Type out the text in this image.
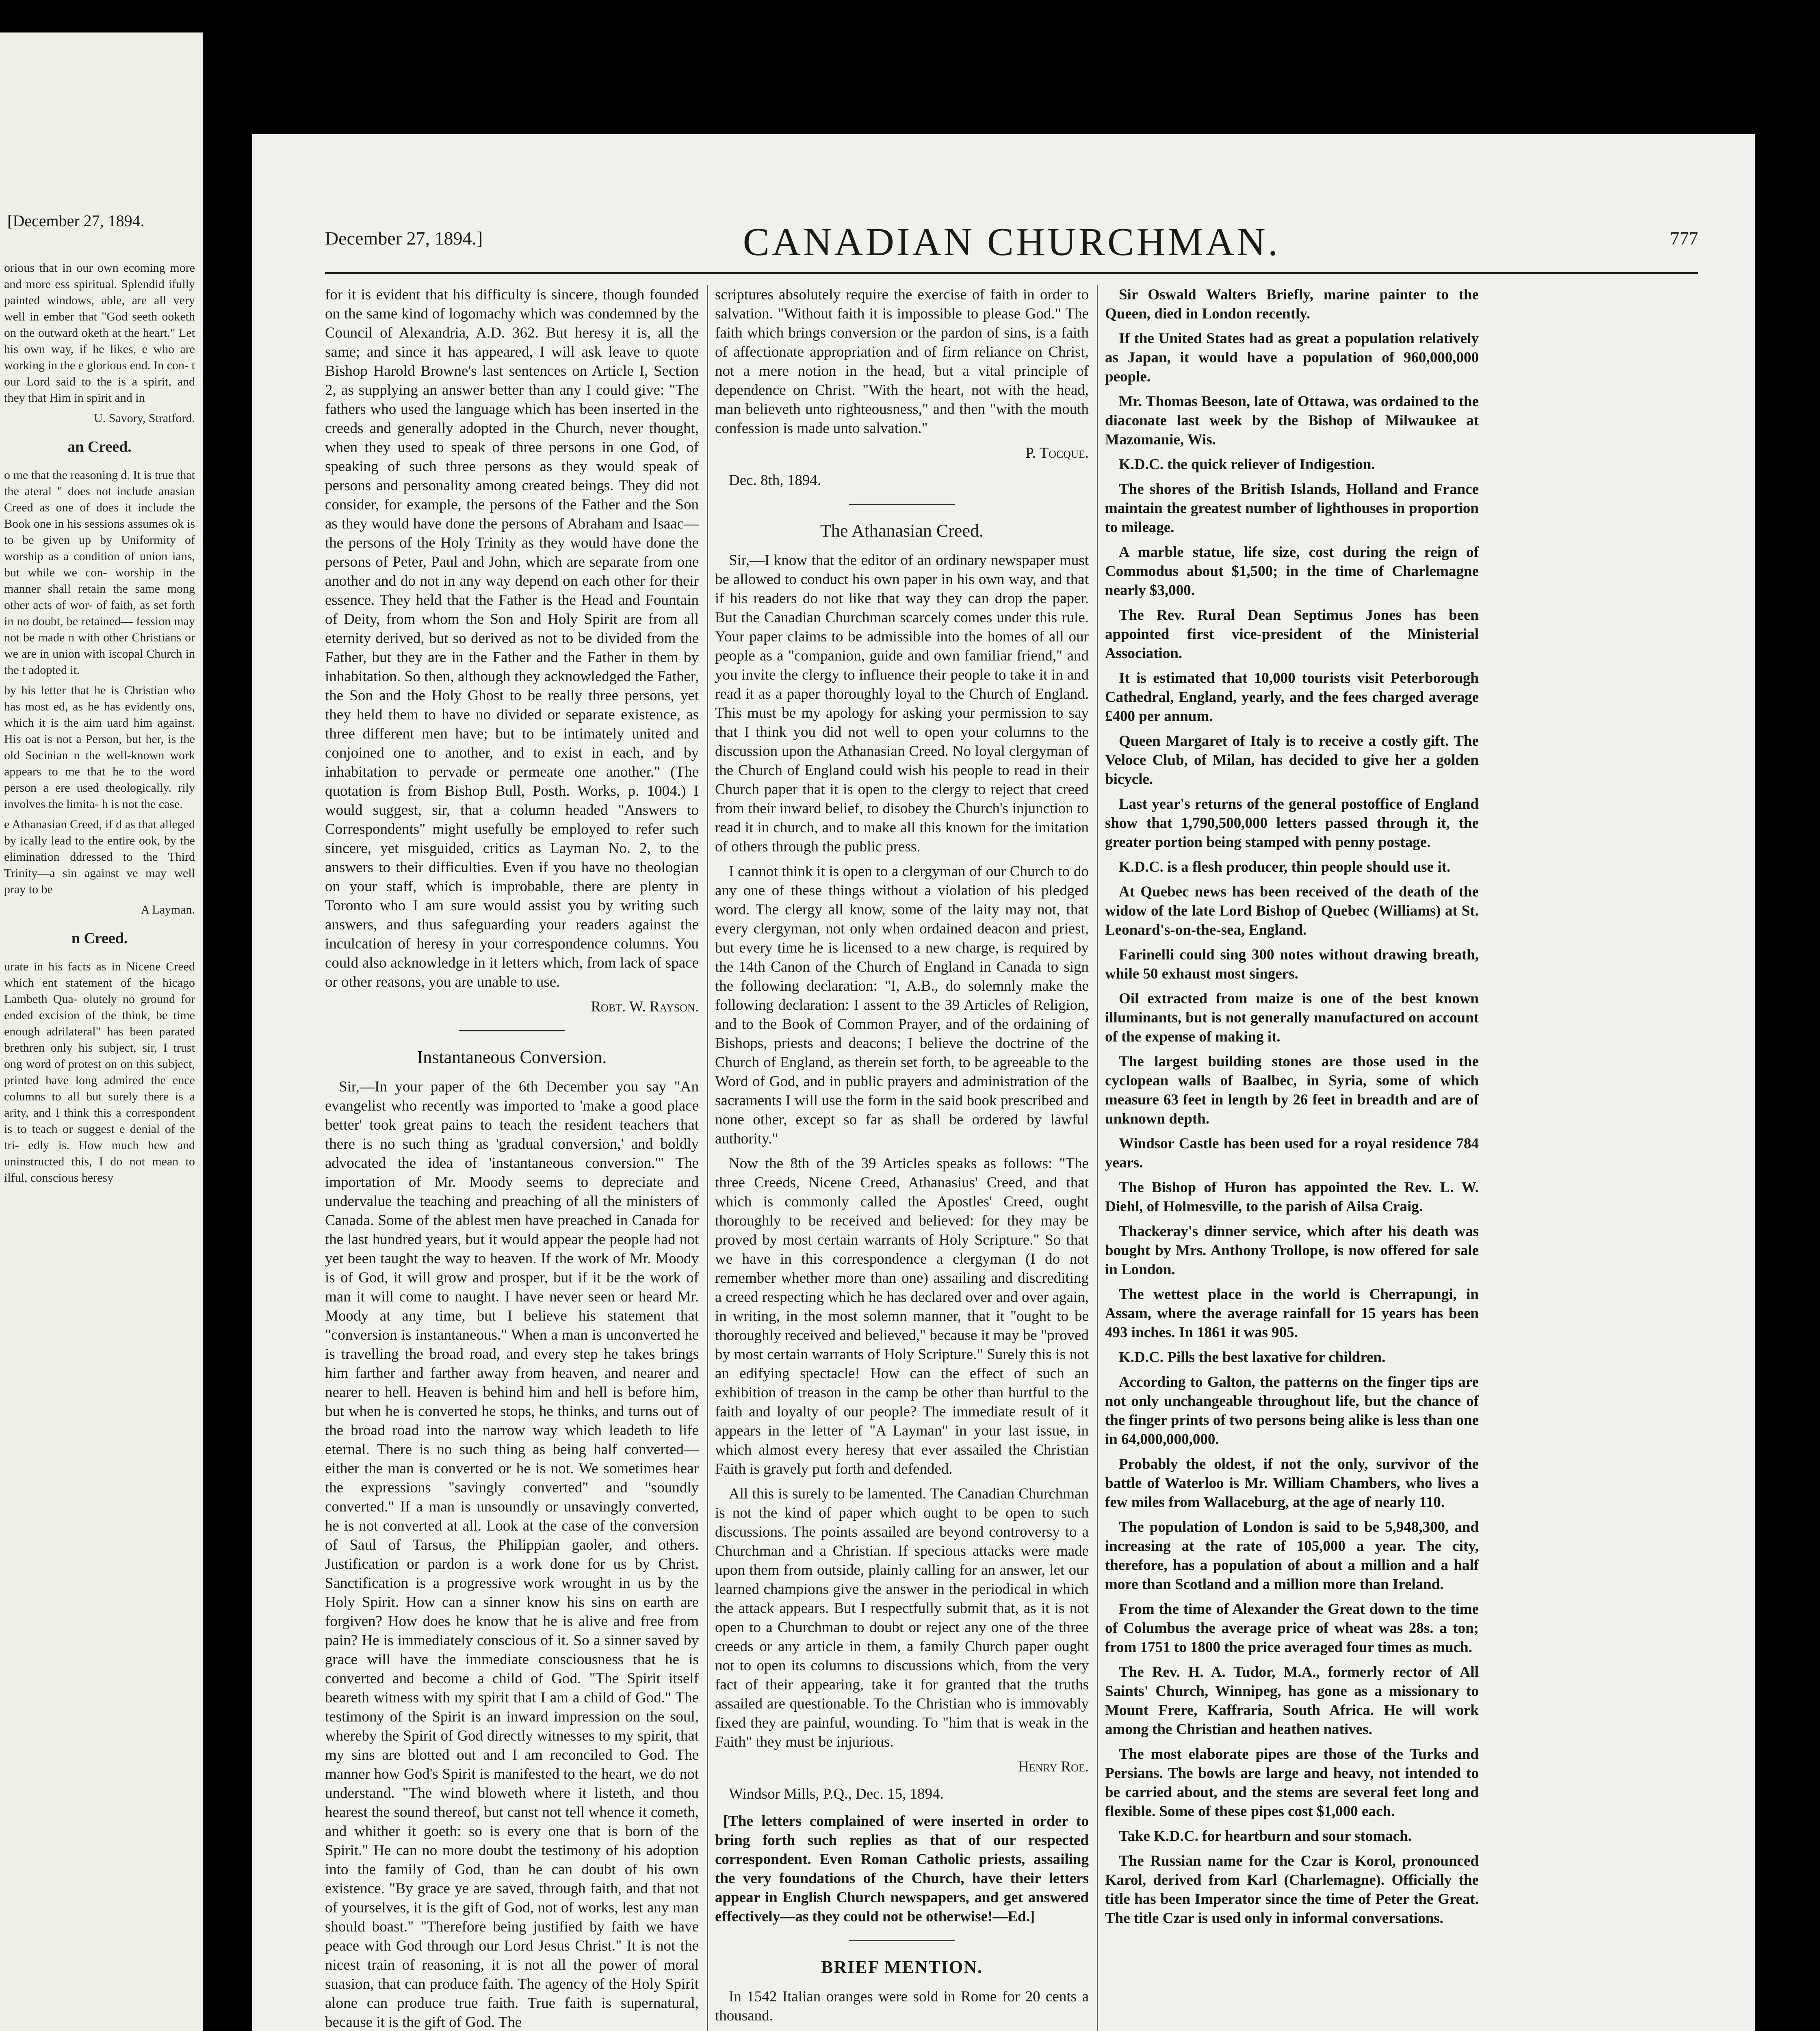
[December 27, 1894.

orious that in our own ecoming more and more ess spiritual. Splendid ifully painted windows, able, are all very well in ember that "God seeth ooketh on the outward oketh at the heart." Let his own way, if he likes, e who are working in the e glorious end. In con- t our Lord said to the is a spirit, and they that Him in spirit and in

U. Savory, Stratford.

an Creed.

o me that the reasoning d. It is true that the ateral " does not include anasian Creed as one of does it include the Book one in his sessions assumes ok is to be given up by Uniformity of worship as a condition of union ians, but while we con- worship in the manner shall retain the same mong other acts of wor- of faith, as set forth in no doubt, be retained— fession may not be made n with other Christians or we are in union with iscopal Church in the t adopted it.

by his letter that he is Christian who has most ed, as he has evidently ons, which it is the aim uard him against. His oat is not a Person, but her, is the old Socinian n the well-known work appears to me that he to the word person a ere used theologically. rily involves the limita- h is not the case.

e Athanasian Creed, if d as that alleged by ically lead to the entire ook, by the elimination ddressed to the Third Trinity—a sin against ve may well pray to be

A Layman.

n Creed.

urate in his facts as in Nicene Creed which ent statement of the hicago Lambeth Qua- olutely no ground for ended excision of the think, be time enough adrilateral" has been parated brethren only his subject, sir, I trust ong word of protest on on this subject, printed have long admired the ence columns to all but surely there is a arity, and I think this a correspondent is to teach or suggest e denial of the tri- edly is. How much hew and uninstructed this, I do not mean to ilful, conscious heresy

December 27, 1894.]	CANADIAN CHURCHMAN.	777

for it is evident that his difficulty is sincere, though founded on the same kind of logomachy which was condemned by the Council of Alexandria, A.D. 362. But heresy it is, all the same; and since it has appeared, I will ask leave to quote Bishop Harold Browne's last sentences on Article I, Section 2, as supplying an answer better than any I could give: "The fathers who used the language which has been inserted in the creeds and generally adopted in the Church, never thought, when they used to speak of three persons in one God, of speaking of such three persons as they would speak of persons and personality among created beings. They did not consider, for example, the persons of the Father and the Son as they would have done the persons of Abraham and Isaac—the persons of the Holy Trinity as they would have done the persons of Peter, Paul and John, which are separate from one another and do not in any way depend on each other for their essence. They held that the Father is the Head and Fountain of Deity, from whom the Son and Holy Spirit are from all eternity derived, but so derived as not to be divided from the Father, but they are in the Father and the Father in them by inhabitation. So then, although they acknowledged the Father, the Son and the Holy Ghost to be really three persons, yet they held them to have no divided or separate existence, as three different men have; but to be intimately united and conjoined one to another, and to exist in each, and by inhabitation to pervade or permeate one another." (The quotation is from Bishop Bull, Posth. Works, p. 1004.) I would suggest, sir, that a column headed "Answers to Correspondents" might usefully be employed to refer such sincere, yet misguided, critics as Layman No. 2, to the answers to their difficulties. Even if you have no theologian on your staff, which is improbable, there are plenty in Toronto who I am sure would assist you by writing such answers, and thus safeguarding your readers against the inculcation of heresy in your correspondence columns. You could also acknowledge in it letters which, from lack of space or other reasons, you are unable to use.

Robt. W. Rayson.

Instantaneous Conversion.

Sir,—In your paper of the 6th December you say "An evangelist who recently was imported to 'make a good place better' took great pains to teach the resident teachers that there is no such thing as 'gradual conversion,' and boldly advocated the idea of 'instantaneous conversion.'" The importation of Mr. Moody seems to depreciate and undervalue the teaching and preaching of all the ministers of Canada. Some of the ablest men have preached in Canada for the last hundred years, but it would appear the people had not yet been taught the way to heaven. If the work of Mr. Moody is of God, it will grow and prosper, but if it be the work of man it will come to naught. I have never seen or heard Mr. Moody at any time, but I believe his statement that "conversion is instantaneous." When a man is unconverted he is travelling the broad road, and every step he takes brings him farther and farther away from heaven, and nearer and nearer to hell. Heaven is behind him and hell is before him, but when he is converted he stops, he thinks, and turns out of the broad road into the narrow way which leadeth to life eternal. There is no such thing as being half converted—either the man is converted or he is not. We sometimes hear the expressions "savingly converted" and "soundly converted." If a man is unsoundly or unsavingly converted, he is not converted at all. Look at the case of the conversion of Saul of Tarsus, the Philippian gaoler, and others. Justification or pardon is a work done for us by Christ. Sanctification is a progressive work wrought in us by the Holy Spirit. How can a sinner know his sins on earth are forgiven? How does he know that he is alive and free from pain? He is immediately conscious of it. So a sinner saved by grace will have the immediate consciousness that he is converted and become a child of God. "The Spirit itself beareth witness with my spirit that I am a child of God." The testimony of the Spirit is an inward impression on the soul, whereby the Spirit of God directly witnesses to my spirit, that my sins are blotted out and I am reconciled to God. The manner how God's Spirit is manifested to the heart, we do not understand. "The wind bloweth where it listeth, and thou hearest the sound thereof, but canst not tell whence it cometh, and whither it goeth: so is every one that is born of the Spirit." He can no more doubt the testimony of his adoption into the family of God, than he can doubt of his own existence. "By grace ye are saved, through faith, and that not of yourselves, it is the gift of God, not of works, lest any man should boast." "Therefore being justified by faith we have peace with God through our Lord Jesus Christ." It is not the nicest train of reasoning, it is not all the power of moral suasion, that can produce faith. The agency of the Holy Spirit alone can produce true faith. True faith is supernatural, because it is the gift of God. The

scriptures absolutely require the exercise of faith in order to salvation. "Without faith it is impossible to please God." The faith which brings conversion or the pardon of sins, is a faith of affectionate appropriation and of firm reliance on Christ, not a mere notion in the head, but a vital principle of dependence on Christ. "With the heart, not with the head, man believeth unto righteousness," and then "with the mouth confession is made unto salvation."

P. Tocque.

Dec. 8th, 1894.

The Athanasian Creed.

Sir,—I know that the editor of an ordinary newspaper must be allowed to conduct his own paper in his own way, and that if his readers do not like that way they can drop the paper. But the Canadian Churchman scarcely comes under this rule. Your paper claims to be admissible into the homes of all our people as a "companion, guide and own familiar friend," and you invite the clergy to influence their people to take it in and read it as a paper thoroughly loyal to the Church of England. This must be my apology for asking your permission to say that I think you did not well to open your columns to the discussion upon the Athanasian Creed. No loyal clergyman of the Church of England could wish his people to read in their Church paper that it is open to the clergy to reject that creed from their inward belief, to disobey the Church's injunction to read it in church, and to make all this known for the imitation of others through the public press.

I cannot think it is open to a clergyman of our Church to do any one of these things without a violation of his pledged word. The clergy all know, some of the laity may not, that every clergyman, not only when ordained deacon and priest, but every time he is licensed to a new charge, is required by the 14th Canon of the Church of England in Canada to sign the following declaration: "I, A.B., do solemnly make the following declaration: I assent to the 39 Articles of Religion, and to the Book of Common Prayer, and of the ordaining of Bishops, priests and deacons; I believe the doctrine of the Church of England, as therein set forth, to be agreeable to the Word of God, and in public prayers and administration of the sacraments I will use the form in the said book prescribed and none other, except so far as shall be ordered by lawful authority."

Now the 8th of the 39 Articles speaks as follows: "The three Creeds, Nicene Creed, Athanasius' Creed, and that which is commonly called the Apostles' Creed, ought thoroughly to be received and believed: for they may be proved by most certain warrants of Holy Scripture." So that we have in this correspondence a clergyman (I do not remember whether more than one) assailing and discrediting a creed respecting which he has declared over and over again, in writing, in the most solemn manner, that it "ought to be thoroughly received and believed," because it may be "proved by most certain warrants of Holy Scripture." Surely this is not an edifying spectacle! How can the effect of such an exhibition of treason in the camp be other than hurtful to the faith and loyalty of our people? The immediate result of it appears in the letter of "A Layman" in your last issue, in which almost every heresy that ever assailed the Christian Faith is gravely put forth and defended.

All this is surely to be lamented. The Canadian Churchman is not the kind of paper which ought to be open to such discussions. The points assailed are beyond controversy to a Churchman and a Christian. If specious attacks were made upon them from outside, plainly calling for an answer, let our learned champions give the answer in the periodical in which the attack appears. But I respectfully submit that, as it is not open to a Churchman to doubt or reject any one of the three creeds or any article in them, a family Church paper ought not to open its columns to discussions which, from the very fact of their appearing, take it for granted that the truths assailed are questionable. To the Christian who is immovably fixed they are painful, wounding. To "him that is weak in the Faith" they must be injurious.

Henry Roe.

Windsor Mills, P.Q., Dec. 15, 1894.

[The letters complained of were inserted in order to bring forth such replies as that of our respected correspondent. Even Roman Catholic priests, assailing the very foundations of the Church, have their letters appear in English Church newspapers, and get answered effectively—as they could not be otherwise!—Ed.]

BRIEF MENTION.

In 1542 Italian oranges were sold in Rome for 20 cents a thousand.

Sir Oswald Walters Briefly, marine painter to the Queen, died in London recently.

If the United States had as great a population relatively as Japan, it would have a population of 960,000,000 people.

Mr. Thomas Beeson, late of Ottawa, was ordained to the diaconate last week by the Bishop of Milwaukee at Mazomanie, Wis.

K.D.C. the quick reliever of Indigestion.

The shores of the British Islands, Holland and France maintain the greatest number of lighthouses in proportion to mileage.

A marble statue, life size, cost during the reign of Commodus about $1,500; in the time of Charlemagne nearly $3,000.

The Rev. Rural Dean Septimus Jones has been appointed first vice-president of the Ministerial Association.

It is estimated that 10,000 tourists visit Peterborough Cathedral, England, yearly, and the fees charged average £400 per annum.

Queen Margaret of Italy is to receive a costly gift. The Veloce Club, of Milan, has decided to give her a golden bicycle.

Last year's returns of the general postoffice of England show that 1,790,500,000 letters passed through it, the greater portion being stamped with penny postage.

K.D.C. is a flesh producer, thin people should use it.

At Quebec news has been received of the death of the widow of the late Lord Bishop of Quebec (Williams) at St. Leonard's-on-the-sea, England.

Farinelli could sing 300 notes without drawing breath, while 50 exhaust most singers.

Oil extracted from maize is one of the best known illuminants, but is not generally manufactured on account of the expense of making it.

The largest building stones are those used in the cyclopean walls of Baalbec, in Syria, some of which measure 63 feet in length by 26 feet in breadth and are of unknown depth.

Windsor Castle has been used for a royal residence 784 years.

The Bishop of Huron has appointed the Rev. L. W. Diehl, of Holmesville, to the parish of Ailsa Craig.

Thackeray's dinner service, which after his death was bought by Mrs. Anthony Trollope, is now offered for sale in London.

The wettest place in the world is Cherrapungi, in Assam, where the average rainfall for 15 years has been 493 inches. In 1861 it was 905.

K.D.C. Pills the best laxative for children.

According to Galton, the patterns on the finger tips are not only unchangeable throughout life, but the chance of the finger prints of two persons being alike is less than one in 64,000,000,000.

Probably the oldest, if not the only, survivor of the battle of Waterloo is Mr. William Chambers, who lives a few miles from Wallaceburg, at the age of nearly 110.

The population of London is said to be 5,948,300, and increasing at the rate of 105,000 a year. The city, therefore, has a population of about a million and a half more than Scotland and a million more than Ireland.

From the time of Alexander the Great down to the time of Columbus the average price of wheat was 28s. a ton; from 1751 to 1800 the price averaged four times as much.

The Rev. H. A. Tudor, M.A., formerly rector of All Saints' Church, Winnipeg, has gone as a missionary to Mount Frere, Kaffraria, South Africa. He will work among the Christian and heathen natives.

The most elaborate pipes are those of the Turks and Persians. The bowls are large and heavy, not intended to be carried about, and the stems are several feet long and flexible. Some of these pipes cost $1,000 each.

Take K.D.C. for heartburn and sour stomach.

The Russian name for the Czar is Korol, pronounced Karol, derived from Karl (Charlemagne). Officially the title has been Imperator since the time of Peter the Great. The title Czar is used only in informal conversations.
